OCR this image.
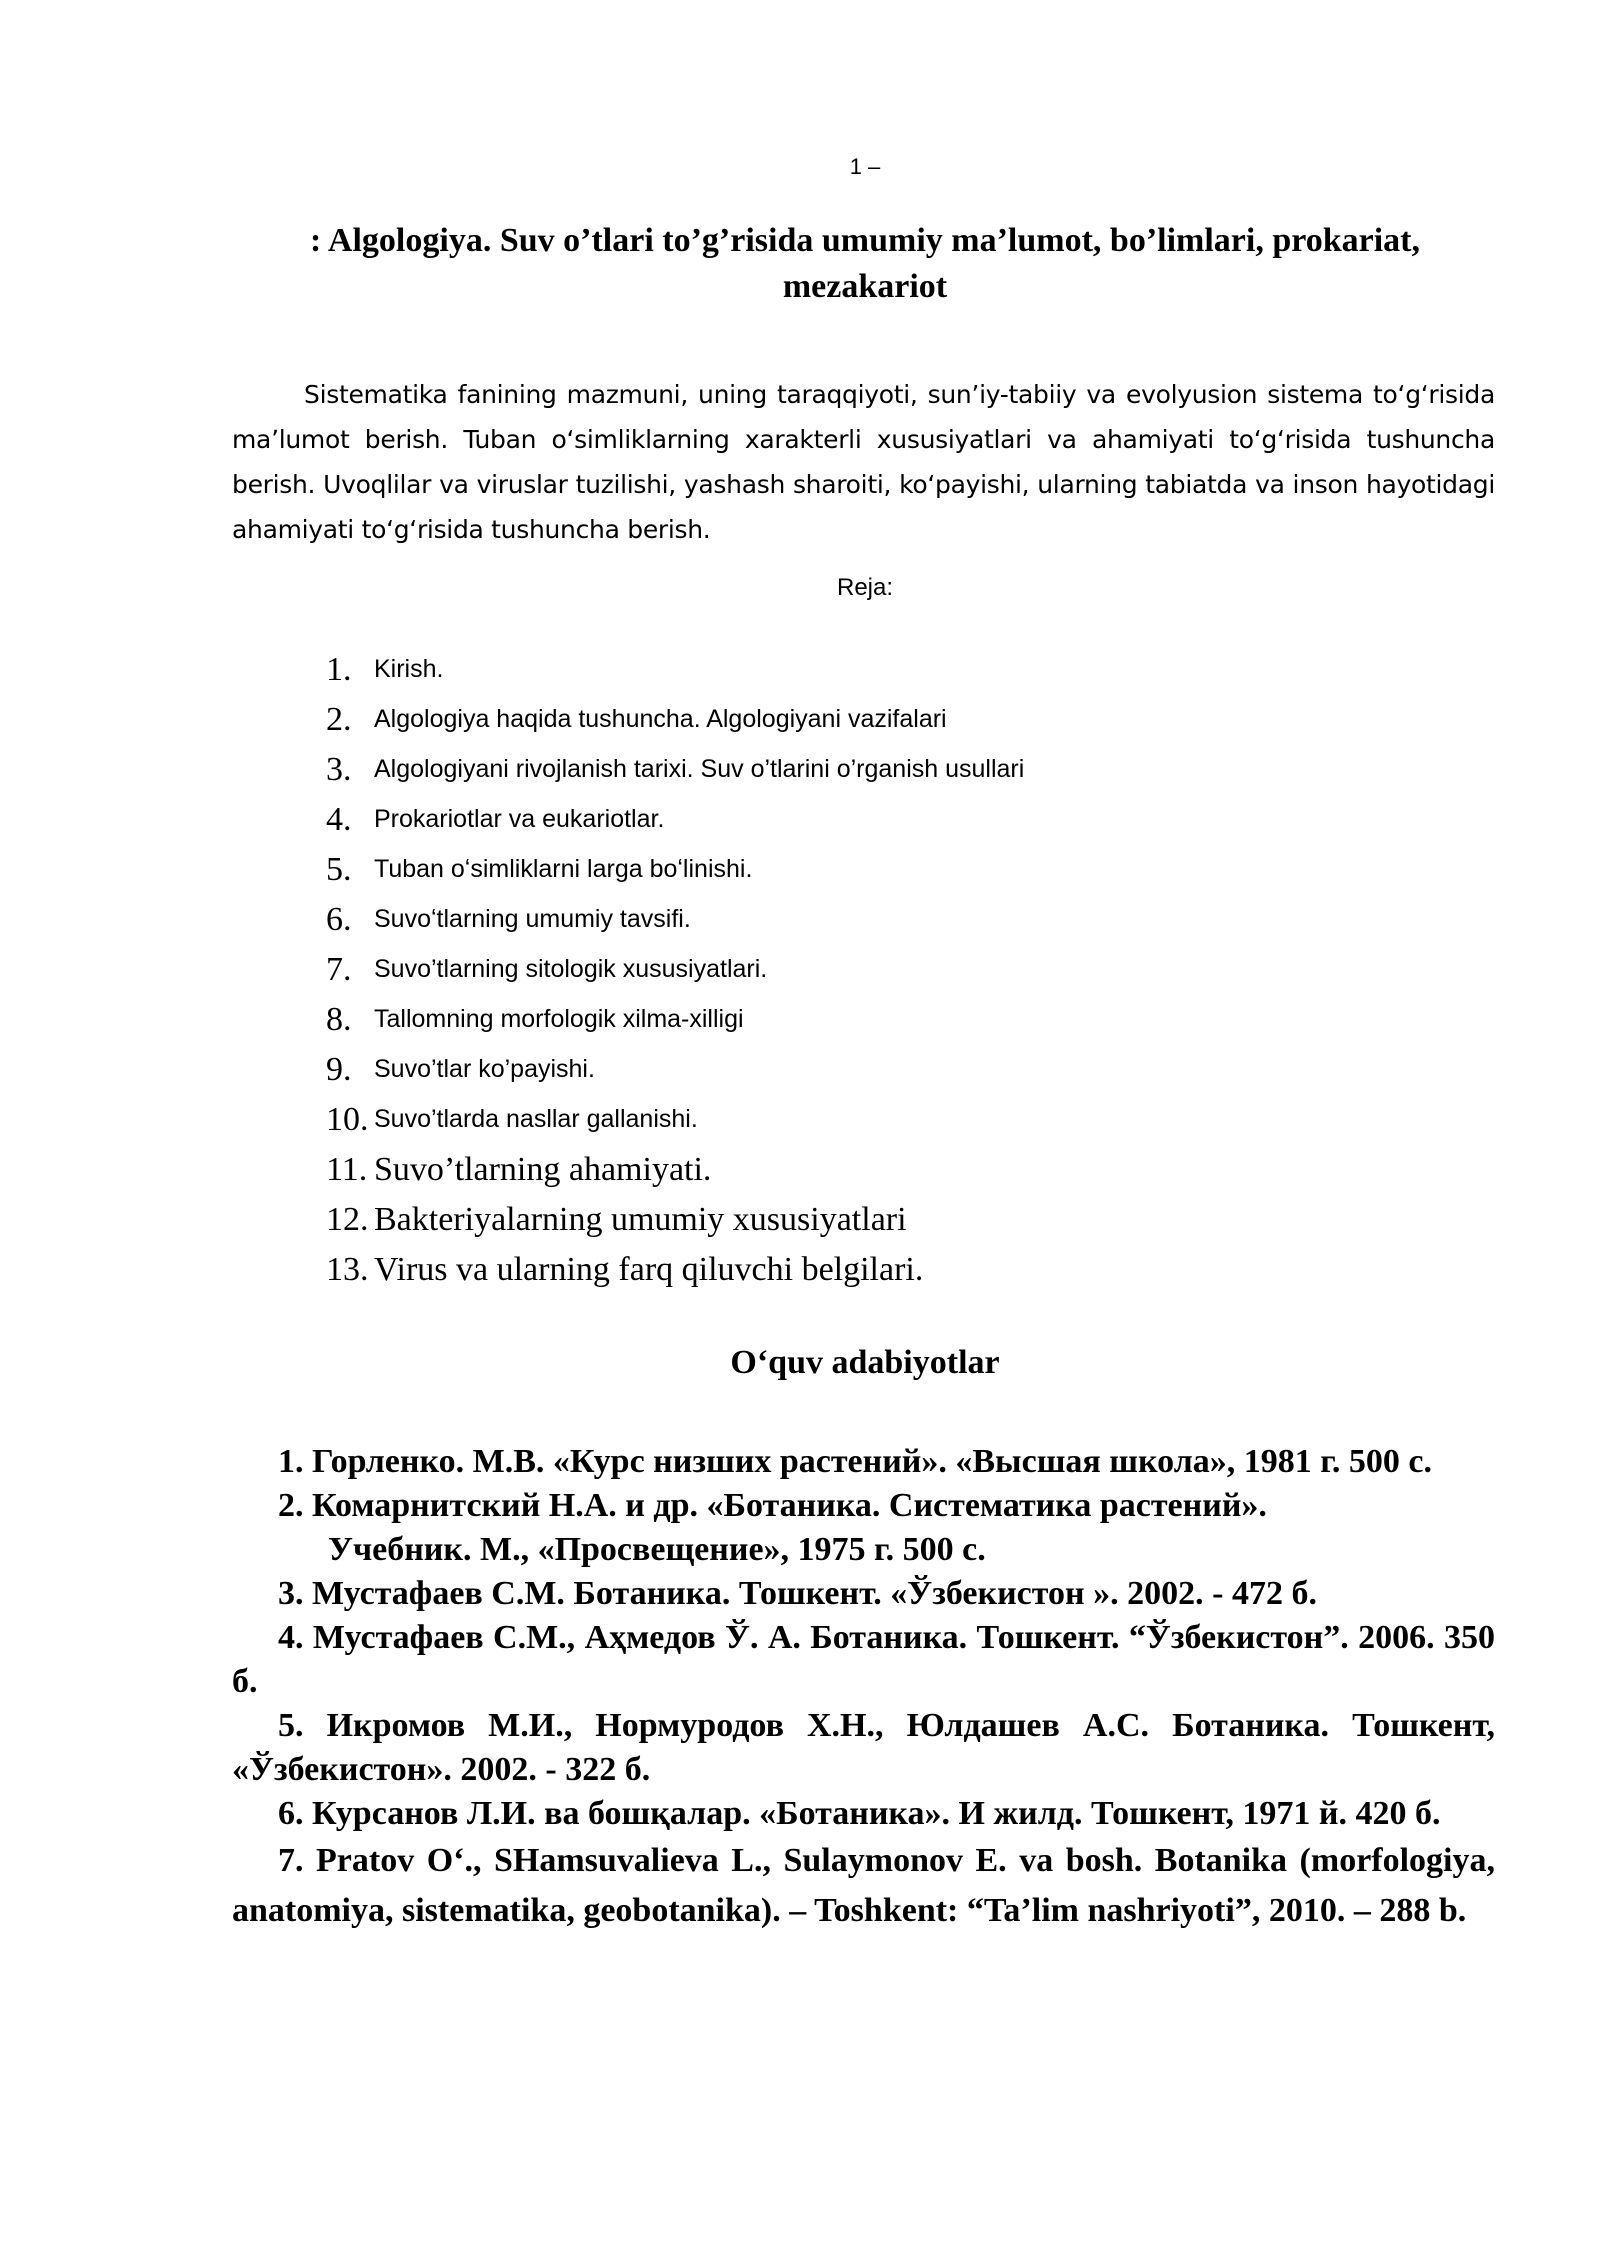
1 –
: Algologiya. Suv o’tlari to’g’risida umumiy ma’lumot, bo’limlari, prokariat, mezakariot

Sistematika fanining mazmuni, uning taraqqiyoti, sun’iy-tabiiy va evolyusion sistema toʻgʻrisida maʼlumot berish. Tuban oʻsimliklarning xarakterli xususiyatlari va ahamiyati toʻgʻrisida tushuncha berish. Uvoqlilar va viruslar tuzilishi, yashash sharoiti, koʻpayishi, ularning tabiatda va inson hayotidagi ahamiyati toʻgʻrisida tushuncha berish.

Reja:
1. Kirish.
2. Algologiya haqida tushuncha. Algologiyani vazifalari
3. Algologiyani rivojlanish tarixi. Suv o’tlarini o’rganish usullari
4. Prokariotlar va eukariotlar.
5. Tuban oʻsimliklarni larga boʻlinishi.
6. Suvoʻtlarning umumiy tavsifi.
7. Suvo’tlarning sitologik xususiyatlari.
8. Tallomning morfologik xilma-xilligi
9. Suvo’tlar ko’payishi.
10. Suvo’tlarda nasllar gallanishi.
11. Suvo’tlarning ahamiyati.
12. Bakteriyalarning umumiy xususiyatlari
13. Virus va ularning farq qiluvchi belgilari.
Oʻquv adabiyotlar

1. Горленко. М.В. «Курс низших растений». «Высшая школа», 1981 г. 500 с.

2. Комарнитский Н.А. и др. «Ботаника. Систематика растений».

Учебник. М., «Просвещение», 1975 г. 500 с.

3. Мустафаев С.М. Ботаника. Тошкент. «Ўзбекистон ». 2002. - 472 б.

4. Мустафаев С.М., Аҳмедов Ў. А. Ботаника. Тошкент. “Ўзбекистон”. 2006. 350 б.

5. Икромов М.И., Нормуродов Х.Н., Юлдашев А.С. Ботаника. Тошкент, «Ўзбекистон». 2002. - 322 б.

6. Курсанов Л.И. ва бошқалар. «Ботаника». И жилд. Тошкент, 1971 й. 420 б.

7. Pratov O‘., SHamsuvalieva L., Sulaymonov E. va bosh. Botanika (morfologiya, anatomiya, sistematika, geobotanika). – Toshkent: “Ta’lim nashriyoti”, 2010. – 288 b.
